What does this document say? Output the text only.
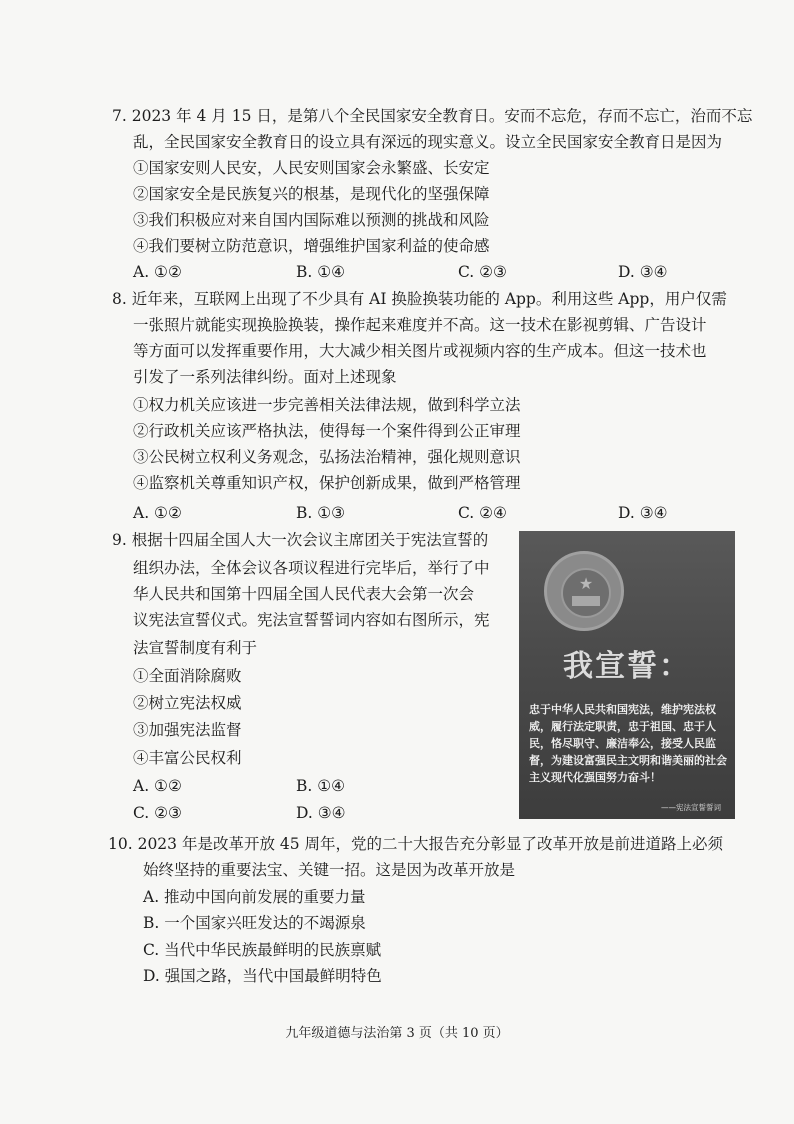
7. 2023 年 4 月 15 日，是第八个全民国家安全教育日。安而不忘危，存而不忘亡，治而不忘
乱，全民国家安全教育日的设立具有深远的现实意义。设立全民国家安全教育日是因为
①国家安则人民安，人民安则国家会永繁盛、长安定
②国家安全是民族复兴的根基，是现代化的坚强保障
③我们积极应对来自国内国际难以预测的挑战和风险
④我们要树立防范意识，增强维护国家利益的使命感
A. ①②	B. ①④	C. ②③	D. ③④
8. 近年来，互联网上出现了不少具有 AI 换脸换装功能的 App。利用这些 App，用户仅需
一张照片就能实现换脸换装，操作起来难度并不高。这一技术在影视剪辑、广告设计
等方面可以发挥重要作用，大大减少相关图片或视频内容的生产成本。但这一技术也
引发了一系列法律纠纷。面对上述现象
①权力机关应该进一步完善相关法律法规，做到科学立法
②行政机关应该严格执法，使得每一个案件得到公正审理
③公民树立权利义务观念，弘扬法治精神，强化规则意识
④监察机关尊重知识产权，保护创新成果，做到严格管理
A. ①②	B. ①③	C. ②④	D. ③④
9. 根据十四届全国人大一次会议主席团关于宪法宣誓的
组织办法，全体会议各项议程进行完毕后，举行了中
华人民共和国第十四届全国人民代表大会第一次会
议宪法宣誓仪式。宪法宣誓誓词内容如右图所示，宪
法宣誓制度有利于
①全面消除腐败
②树立宪法权威
③加强宪法监督
④丰富公民权利
A. ①②	B. ①④
C. ②③	D. ③④
★
我宣誓：
忠于中华人民共和国宪法，维护宪法权威，履行法定职责，忠于祖国、忠于人民，恪尽职守、廉洁奉公，接受人民监督，为建设富强民主文明和谐美丽的社会主义现代化强国努力奋斗！
——宪法宣誓誓词
10. 2023 年是改革开放 45 周年，党的二十大报告充分彰显了改革开放是前进道路上必须
始终坚持的重要法宝、关键一招。这是因为改革开放是
A. 推动中国向前发展的重要力量
B. 一个国家兴旺发达的不竭源泉
C. 当代中华民族最鲜明的民族禀赋
D. 强国之路，当代中国最鲜明特色
九年级道德与法治第 3 页（共 10 页）
